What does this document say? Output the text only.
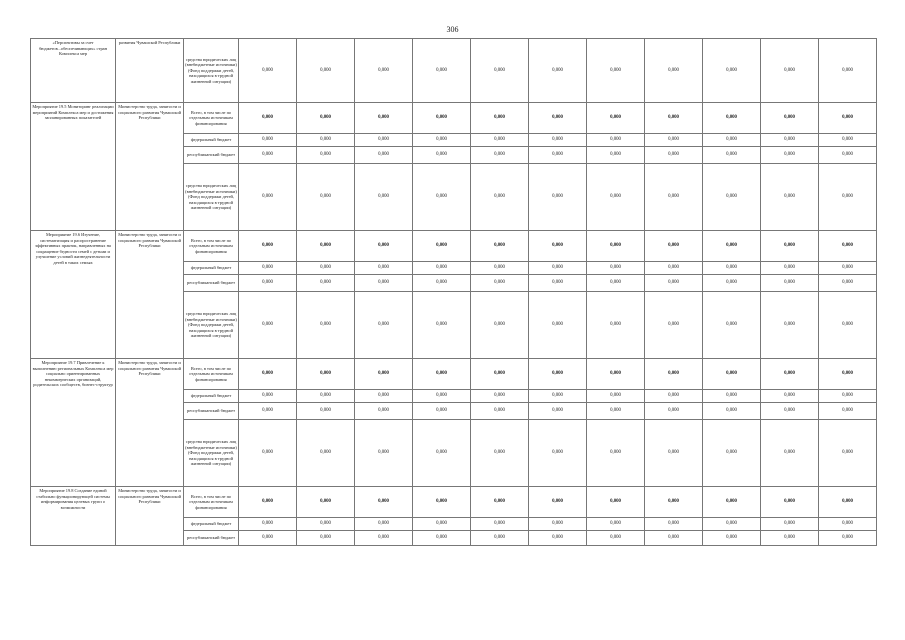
306
«Перспективы за счет бюджетов...обеспечивающих» стран Комплекса мер	развития Чувашской Республики	средства юридических лиц (внебюджетные источники) (Фонд поддержки детей, находящихся в трудной жизненной ситуации)	0,000	0,000	0,000	0,000	0,000	0,000	0,000	0,000	0,000	0,000	0,000
Мероприятие 19.5 Мониторинг реализации мероприятий Комплекса мер и достижения запланированных показателей	Министерство труда, занятости и социального развития Чувашской Республики	Всего, в том числе по отдельным источникам финансирования	0,000	0,000	0,000	0,000	0,000	0,000	0,000	0,000	0,000	0,000	0,000
		федеральный бюджет	0,000	0,000	0,000	0,000	0,000	0,000	0,000	0,000	0,000	0,000	0,000
		республиканский бюджет	0,000	0,000	0,000	0,000	0,000	0,000	0,000	0,000	0,000	0,000	0,000
		средства юридических лиц (внебюджетные источники) (Фонд поддержки детей, находящихся в трудной жизненной ситуации)	0,000	0,000	0,000	0,000	0,000	0,000	0,000	0,000	0,000	0,000	0,000
Мероприятие 19.6 Изучение, систематизация и распространение эффективных практик, направленных на сокращение бедности семей с детьми и улучшение условий жизнедеятельности детей в таких семьях	Министерство труда, занятости и социального развития Чувашской Республики	Всего, в том числе по отдельным источникам финансирования	0,000	0,000	0,000	0,000	0,000	0,000	0,000	0,000	0,000	0,000	0,000
		федеральный бюджет	0,000	0,000	0,000	0,000	0,000	0,000	0,000	0,000	0,000	0,000	0,000
		республиканский бюджет	0,000	0,000	0,000	0,000	0,000	0,000	0,000	0,000	0,000	0,000	0,000
		средства юридических лиц (внебюджетные источники) (Фонд поддержки детей, находящихся в трудной жизненной ситуации)	0,000	0,000	0,000	0,000	0,000	0,000	0,000	0,000	0,000	0,000	0,000
Мероприятие 19.7 Привлечение к выполнению региональных Комплекса мер социально ориентированных некоммерческих организаций, родительских сообществ, бизнес-структур	Министерство труда, занятости и социального развития Чувашской Республики	Всего, в том числе по отдельным источникам финансирования	0,000	0,000	0,000	0,000	0,000	0,000	0,000	0,000	0,000	0,000	0,000
		федеральный бюджет	0,000	0,000	0,000	0,000	0,000	0,000	0,000	0,000	0,000	0,000	0,000
		республиканский бюджет	0,000	0,000	0,000	0,000	0,000	0,000	0,000	0,000	0,000	0,000	0,000
		средства юридических лиц (внебюджетные источники) (Фонд поддержки детей, находящихся в трудной жизненной ситуации)	0,000	0,000	0,000	0,000	0,000	0,000	0,000	0,000	0,000	0,000	0,000
Мероприятие 19.8 Создание единой стабильно функционирующей системы информирования целевых групп о возможности	Министерство труда, занятости и социального развития Чувашской Республики	Всего, в том числе по отдельным источникам финансирования	0,000	0,000	0,000	0,000	0,000	0,000	0,000	0,000	0,000	0,000	0,000
		федеральный бюджет	0,000	0,000	0,000	0,000	0,000	0,000	0,000	0,000	0,000	0,000	0,000
		республиканский бюджет	0,000	0,000	0,000	0,000	0,000	0,000	0,000	0,000	0,000	0,000	0,000
